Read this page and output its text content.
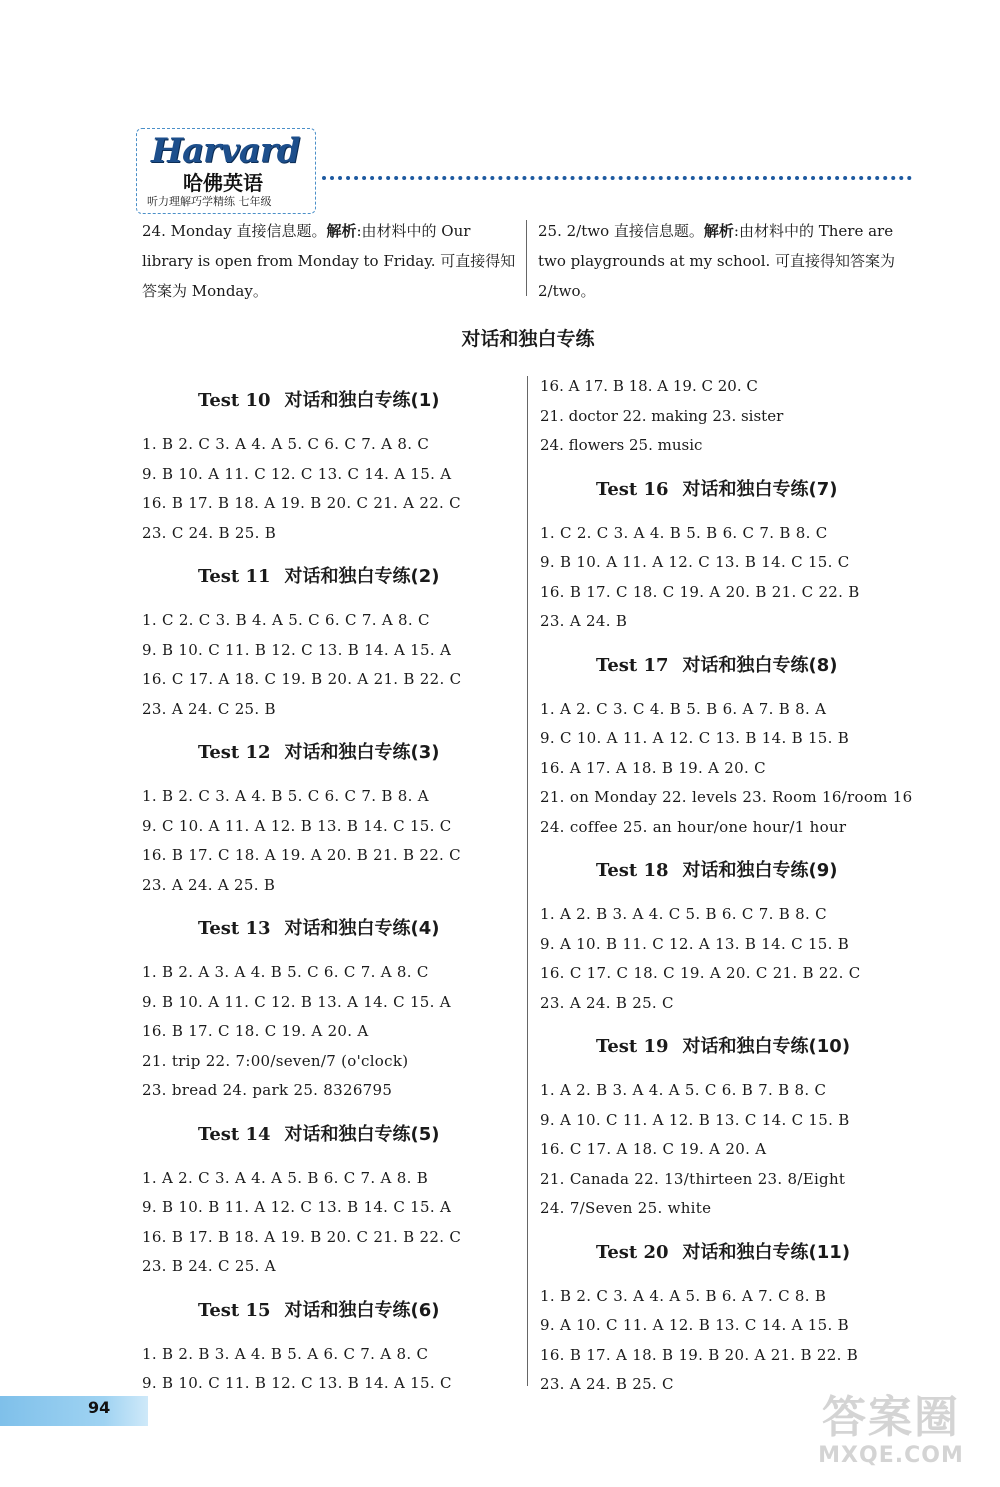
Harvard
哈佛英语
听力理解巧学精练 七年级
24. Monday 直接信息题。解析:由材料中的 Our library is open from Monday to Friday. 可直接得知答案为 Monday。
25. 2/two 直接信息题。解析:由材料中的 There are two playgrounds at my school. 可直接得知答案为 2/two。
对话和独白专练
Test 10 对话和独白专练(1)
1. B 2. C 3. A 4. A 5. C 6. C 7. A 8. C
9. B 10. A 11. C 12. C 13. C 14. A 15. A
16. B 17. B 18. A 19. B 20. C 21. A 22. C
23. C 24. B 25. B
Test 11 对话和独白专练(2)
1. C 2. C 3. B 4. A 5. C 6. C 7. A 8. C
9. B 10. C 11. B 12. C 13. B 14. A 15. A
16. C 17. A 18. C 19. B 20. A 21. B 22. C
23. A 24. C 25. B
Test 12 对话和独白专练(3)
1. B 2. C 3. A 4. B 5. C 6. C 7. B 8. A
9. C 10. A 11. A 12. B 13. B 14. C 15. C
16. B 17. C 18. A 19. A 20. B 21. B 22. C
23. A 24. A 25. B
Test 13 对话和独白专练(4)
1. B 2. A 3. A 4. B 5. C 6. C 7. A 8. C
9. B 10. A 11. C 12. B 13. A 14. C 15. A
16. B 17. C 18. C 19. A 20. A
21. trip 22. 7:00/seven/7 (o'clock)
23. bread 24. park 25. 8326795
Test 14 对话和独白专练(5)
1. A 2. C 3. A 4. A 5. B 6. C 7. A 8. B
9. B 10. B 11. A 12. C 13. B 14. C 15. A
16. B 17. B 18. A 19. B 20. C 21. B 22. C
23. B 24. C 25. A
Test 15 对话和独白专练(6)
1. B 2. B 3. A 4. B 5. A 6. C 7. A 8. C
9. B 10. C 11. B 12. C 13. B 14. A 15. C
16. A 17. B 18. A 19. C 20. C
21. doctor 22. making 23. sister
24. flowers 25. music
Test 16 对话和独白专练(7)
1. C 2. C 3. A 4. B 5. B 6. C 7. B 8. C
9. B 10. A 11. A 12. C 13. B 14. C 15. C
16. B 17. C 18. C 19. A 20. B 21. C 22. B
23. A 24. B
Test 17 对话和独白专练(8)
1. A 2. C 3. C 4. B 5. B 6. A 7. B 8. A
9. C 10. A 11. A 12. C 13. B 14. B 15. B
16. A 17. A 18. B 19. A 20. C
21. on Monday 22. levels 23. Room 16/room 16
24. coffee 25. an hour/one hour/1 hour
Test 18 对话和独白专练(9)
1. A 2. B 3. A 4. C 5. B 6. C 7. B 8. C
9. A 10. B 11. C 12. A 13. B 14. C 15. B
16. C 17. C 18. C 19. A 20. C 21. B 22. C
23. A 24. B 25. C
Test 19 对话和独白专练(10)
1. A 2. B 3. A 4. A 5. C 6. B 7. B 8. C
9. A 10. C 11. A 12. B 13. C 14. C 15. B
16. C 17. A 18. C 19. A 20. A
21. Canada 22. 13/thirteen 23. 8/Eight
24. 7/Seven 25. white
Test 20 对话和独白专练(11)
1. B 2. C 3. A 4. A 5. B 6. A 7. C 8. B
9. A 10. C 11. A 12. B 13. C 14. A 15. B
16. B 17. A 18. B 19. B 20. A 21. B 22. B
23. A 24. B 25. C
94	答案圈
MXQE.COM
